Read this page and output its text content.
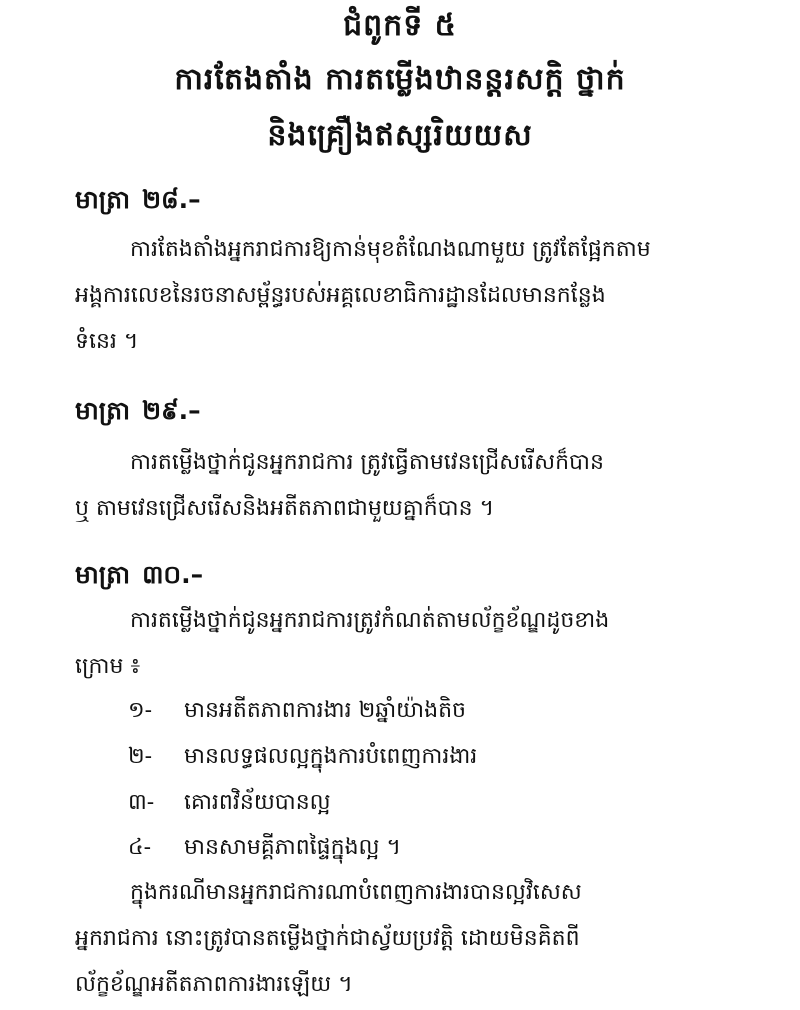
ជំពូកទី ៥
ការតែងតាំង ការតម្លើងឋានន្តរសក្តិ ថ្នាក់
និងគ្រឿងឥស្សរិយយស
មាត្រា ២៨.–
ការតែងតាំងអ្នករាជការឱ្យកាន់មុខតំណែងណាមួយ ត្រូវតែផ្អែកតាម
អង្គការលេខនៃរចនាសម្ព័ន្ធរបស់អគ្គលេខាធិការដ្ឋានដែលមានកន្លែង
ទំនេរ ។
មាត្រា ២៩.–
ការតម្លើងថ្នាក់ជូនអ្នករាជការ ត្រូវធ្វើតាមវេនជ្រើសរើសក៏បាន
ឬ តាមវេនជ្រើសរើសនិងអតីតភាពជាមួយគ្នាក៏បាន ។
មាត្រា ៣០.–
ការតម្លើងថ្នាក់ជូនអ្នករាជការត្រូវកំណត់តាមល័ក្ខខ័ណ្ឌដូចខាង
ក្រោម ៖
១- មានអតីតភាពការងារ ២ឆ្នាំយ៉ាងតិច
២- មានលទ្ធផលល្អក្នុងការបំពេញការងារ
៣- គោរពវិន័យបានល្អ
៤- មានសាមគ្គីភាពផ្ទៃក្នុងល្អ ។
ក្នុងករណីមានអ្នករាជការណាបំពេញការងារបានល្អវិសេស
អ្នករាជការ នោះត្រូវបានតម្លើងថ្នាក់ជាស្វ័យប្រវត្តិ ដោយមិនគិតពី
ល័ក្ខខ័ណ្ឌអតីតភាពការងារឡើយ ។
